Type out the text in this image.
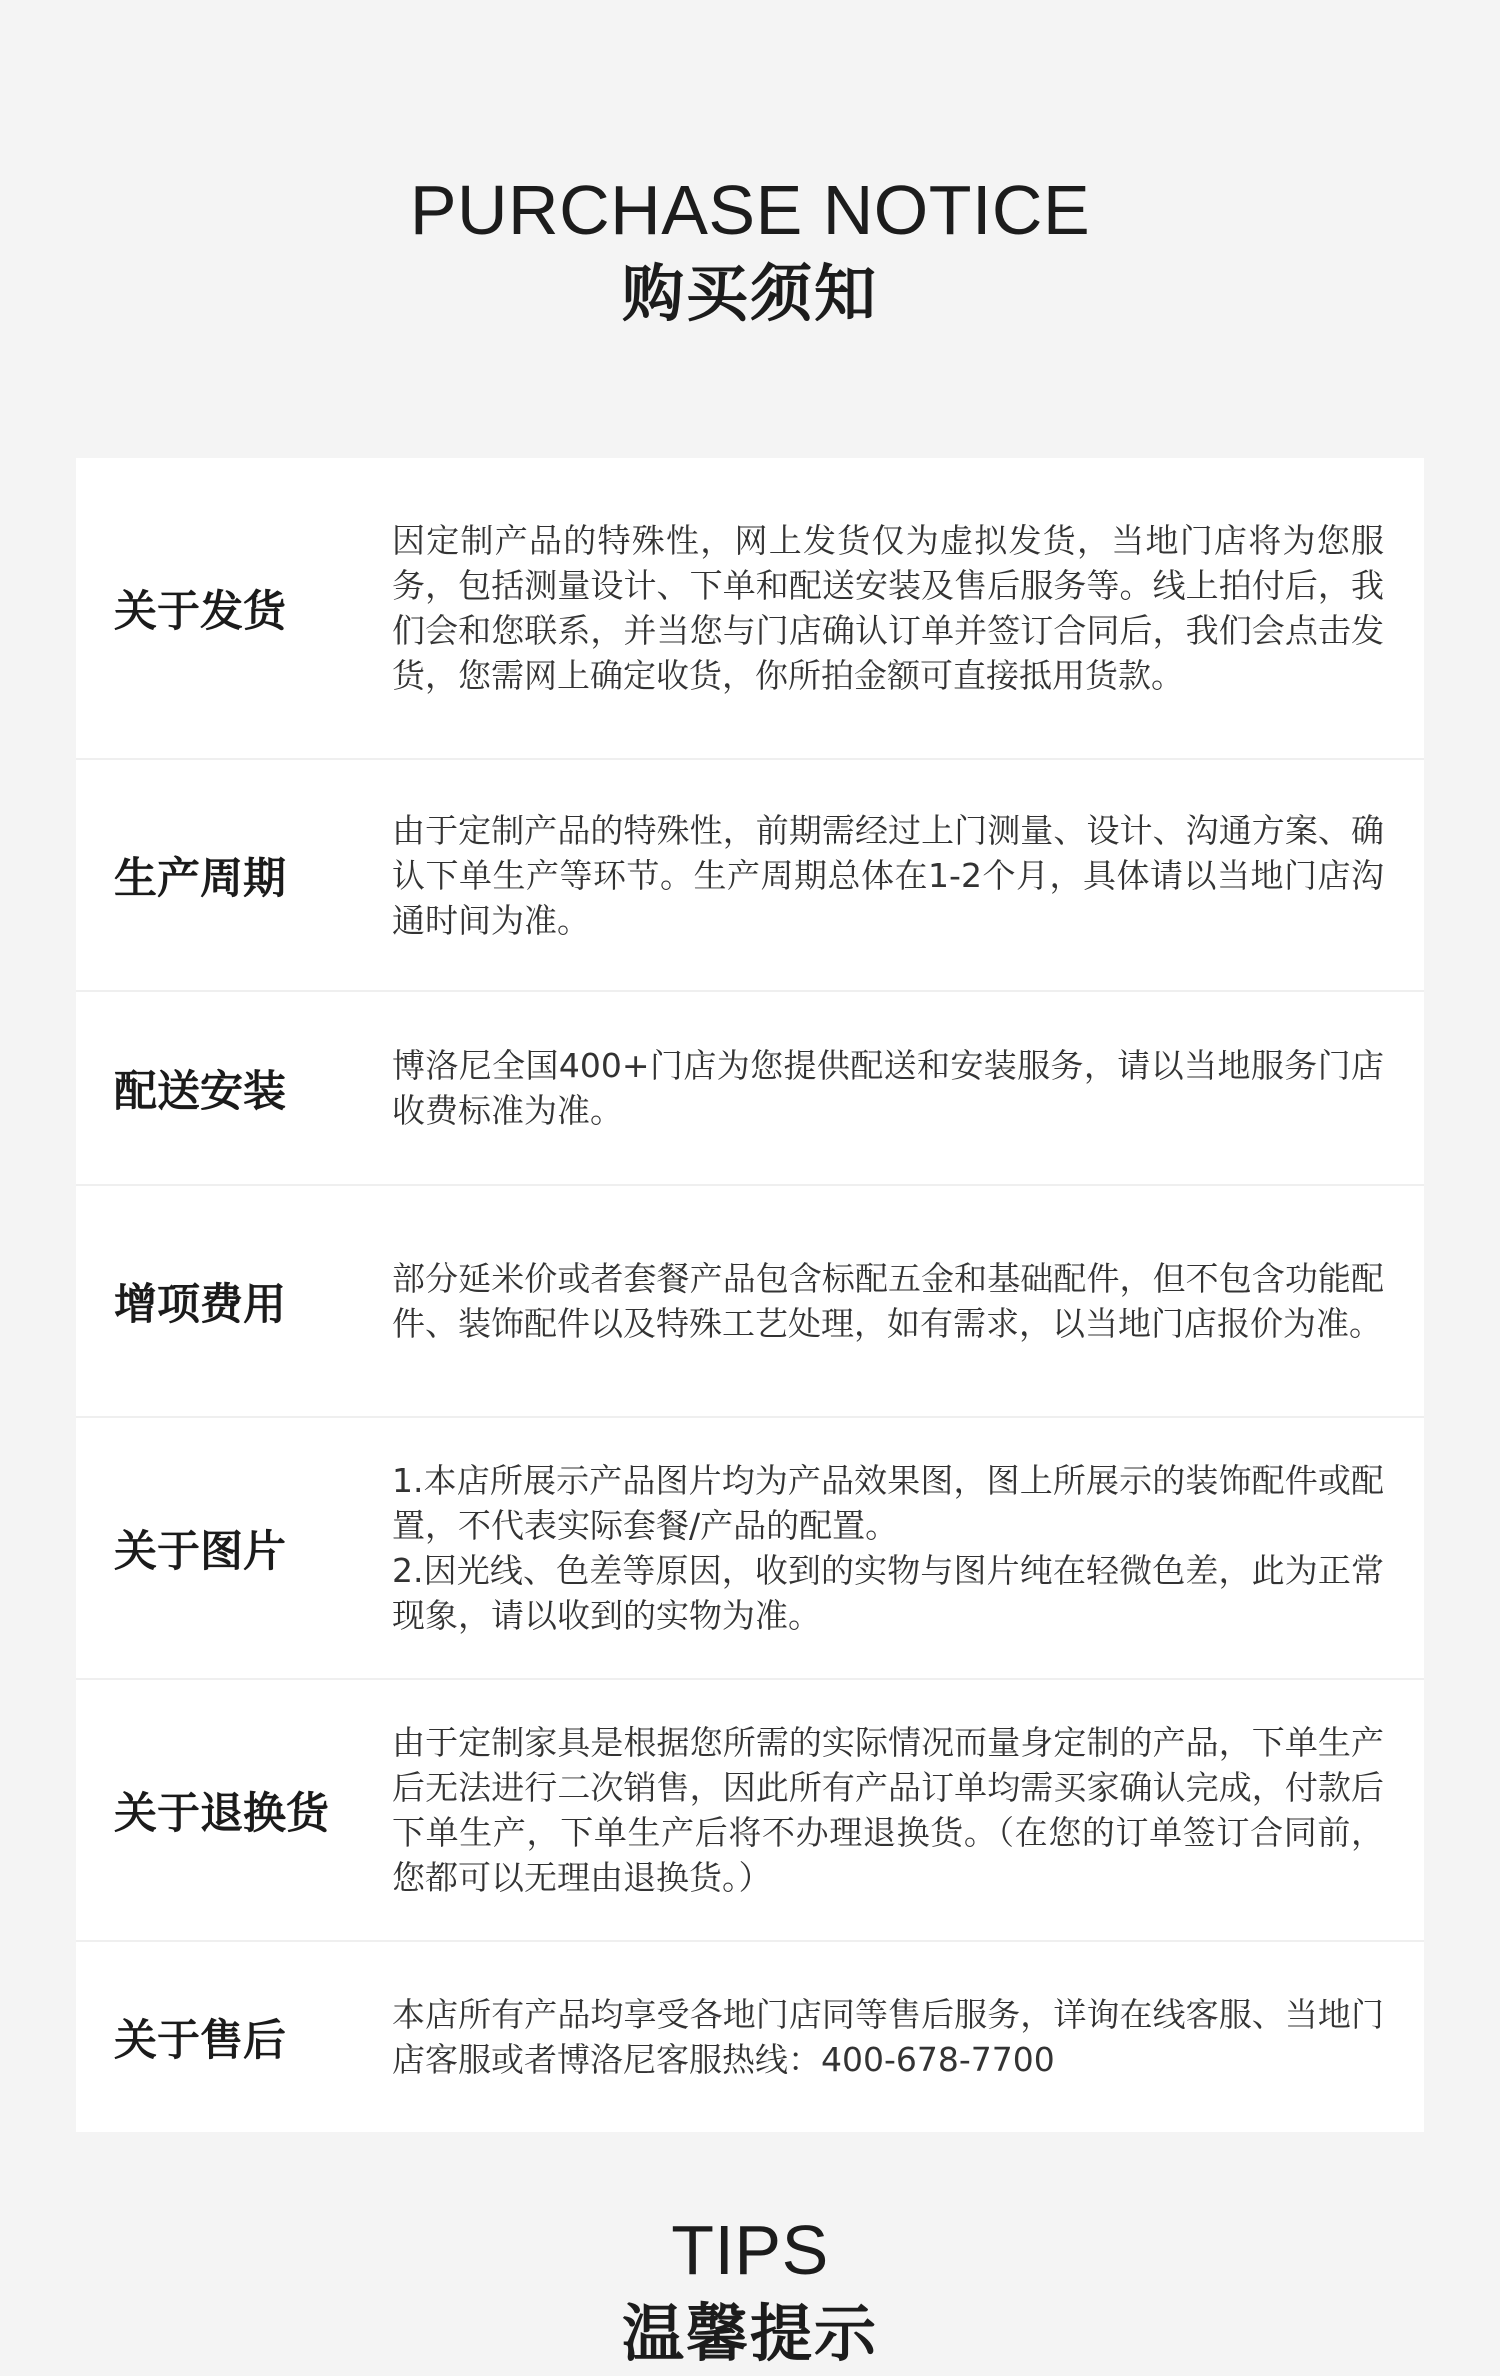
PURCHASE NOTICE
购买须知
关于发货
因定制产品的特殊性，网上发货仅为虚拟发货，当地门店将为您服务，包括测量设计、下单和配送安装及售后服务等。线上拍付后，我们会和您联系，并当您与门店确认订单并签订合同后，我们会点击发货，您需网上确定收货，你所拍金额可直接抵用货款。
生产周期
由于定制产品的特殊性，前期需经过上门测量、设计、沟通方案、确认下单生产等环节。生产周期总体在1-2个月，具体请以当地门店沟通时间为准。
配送安装
博洛尼全国400+门店为您提供配送和安装服务，请以当地服务门店收费标准为准。
增项费用
部分延米价或者套餐产品包含标配五金和基础配件，但不包含功能配件、装饰配件以及特殊工艺处理，如有需求，以当地门店报价为准。
关于图片
1.本店所展示产品图片均为产品效果图，图上所展示的装饰配件或配置，不代表实际套餐/产品的配置。
2.因光线、色差等原因，收到的实物与图片纯在轻微色差，此为正常现象，请以收到的实物为准。
关于退换货
由于定制家具是根据您所需的实际情况而量身定制的产品，下单生产后无法进行二次销售，因此所有产品订单均需买家确认完成，付款后下单生产，下单生产后将不办理退换货。（在您的订单签订合同前，您都可以无理由退换货。）
关于售后
本店所有产品均享受各地门店同等售后服务，详询在线客服、当地门店客服或者博洛尼客服热线：400-678-7700
TIPS
温馨提示
